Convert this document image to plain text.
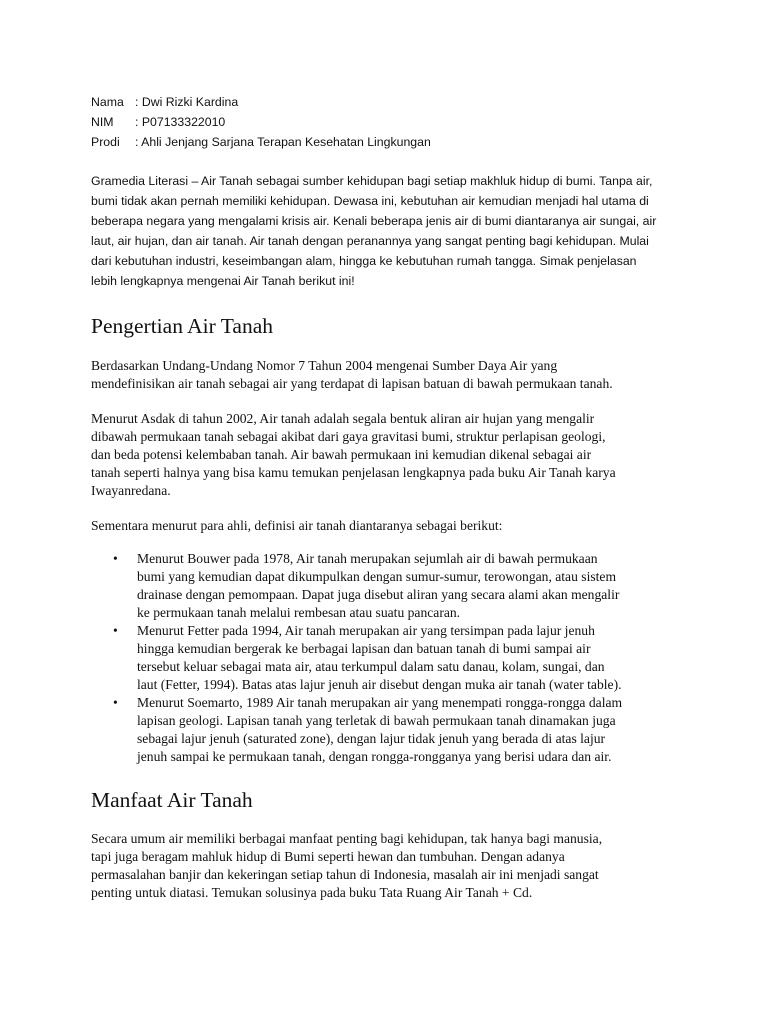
Nama : Dwi Rizki Kardina
NIM : P07133322010
Prodi : Ahli Jenjang Sarjana Terapan Kesehatan Lingkungan
Gramedia Literasi – Air Tanah sebagai sumber kehidupan bagi setiap makhluk hidup di bumi. Tanpa air,
bumi tidak akan pernah memiliki kehidupan. Dewasa ini, kebutuhan air kemudian menjadi hal utama di
beberapa negara yang mengalami krisis air. Kenali beberapa jenis air di bumi diantaranya air sungai, air
laut, air hujan, dan air tanah. Air tanah dengan peranannya yang sangat penting bagi kehidupan. Mulai
dari kebutuhan industri, keseimbangan alam, hingga ke kebutuhan rumah tangga. Simak penjelasan
lebih lengkapnya mengenai Air Tanah berikut ini!
Pengertian Air Tanah
Berdasarkan Undang-Undang Nomor 7 Tahun 2004 mengenai Sumber Daya Air yang
mendefinisikan air tanah sebagai air yang terdapat di lapisan batuan di bawah permukaan tanah.
Menurut Asdak di tahun 2002, Air tanah adalah segala bentuk aliran air hujan yang mengalir
dibawah permukaan tanah sebagai akibat dari gaya gravitasi bumi, struktur perlapisan geologi,
dan beda potensi kelembaban tanah. Air bawah permukaan ini kemudian dikenal sebagai air
tanah seperti halnya yang bisa kamu temukan penjelasan lengkapnya pada buku Air Tanah karya
Iwayanredana.
Sementara menurut para ahli, definisi air tanah diantaranya sebagai berikut:
• Menurut Bouwer pada 1978, Air tanah merupakan sejumlah air di bawah permukaan
bumi yang kemudian dapat dikumpulkan dengan sumur-sumur, terowongan, atau sistem
drainase dengan pemompaan. Dapat juga disebut aliran yang secara alami akan mengalir
ke permukaan tanah melalui rembesan atau suatu pancaran.
• Menurut Fetter pada 1994, Air tanah merupakan air yang tersimpan pada lajur jenuh
hingga kemudian bergerak ke berbagai lapisan dan batuan tanah di bumi sampai air
tersebut keluar sebagai mata air, atau terkumpul dalam satu danau, kolam, sungai, dan
laut (Fetter, 1994). Batas atas lajur jenuh air disebut dengan muka air tanah (water table).
• Menurut Soemarto, 1989 Air tanah merupakan air yang menempati rongga-rongga dalam
lapisan geologi. Lapisan tanah yang terletak di bawah permukaan tanah dinamakan juga
sebagai lajur jenuh (saturated zone), dengan lajur tidak jenuh yang berada di atas lajur
jenuh sampai ke permukaan tanah, dengan rongga-rongganya yang berisi udara dan air.
Manfaat Air Tanah
Secara umum air memiliki berbagai manfaat penting bagi kehidupan, tak hanya bagi manusia,
tapi juga beragam mahluk hidup di Bumi seperti hewan dan tumbuhan. Dengan adanya
permasalahan banjir dan kekeringan setiap tahun di Indonesia, masalah air ini menjadi sangat
penting untuk diatasi. Temukan solusinya pada buku Tata Ruang Air Tanah + Cd.
